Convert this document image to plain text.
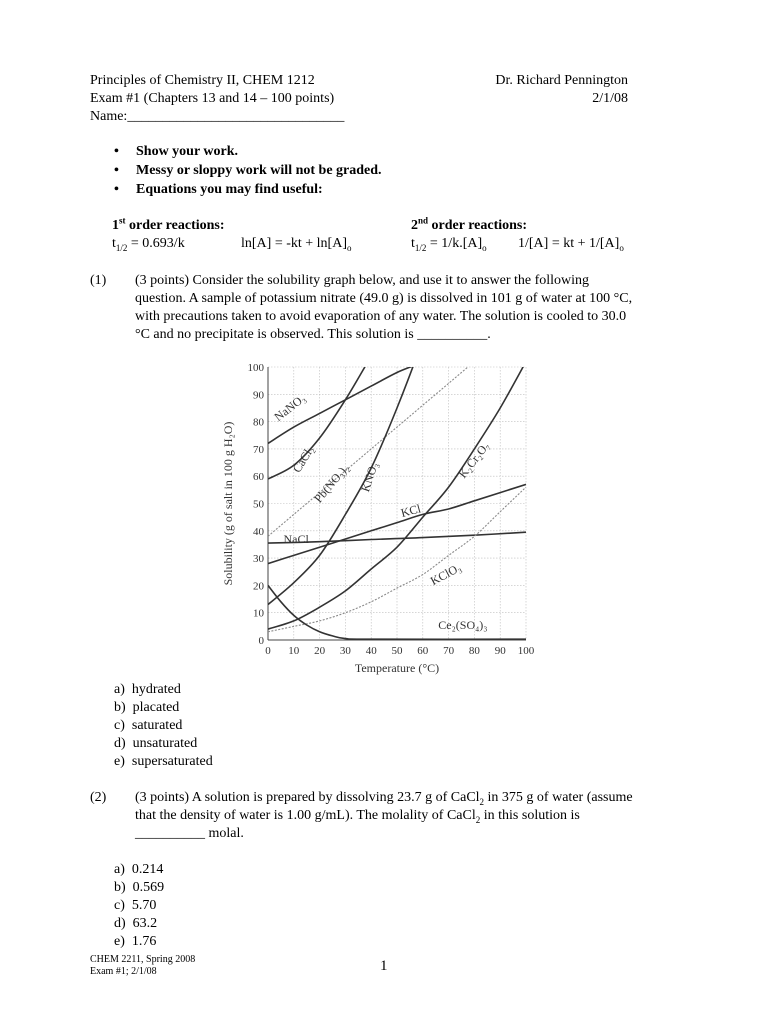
Principles of Chemistry II, CHEM 1212
Exam #1 (Chapters 13 and 14 – 100 points)
Name:_______________________________
Dr. Richard Pennington
2/1/08
• Show your work.
• Messy or sloppy work will not be graded.
• Equations you may find useful:
1st order reactions:
$t_{1/2} = 0.693/k$	$\ln[A] = -kt + \ln[A]_o$
2nd order reactions:
$t_{1/2} = 1/k.[A]_o$ 1/[A] = kt + $1/[A]_o$
(1) (3 points) Consider the solubility graph below, and use it to answer the following
question. A sample of potassium nitrate (49.0 g) is dissolved in 101 g of water at 100 °C,
with precautions taken to avoid evaporation of any water. The solution is cooled to 30.0
°C and no precipitate is observed. This solution is __________.
0
10
20
30
40
50
60
70
80
90
100
0 10 20 30 40 50 60 70 80 90 100
Temperature (°C)
Solubility (g of salt in 100 g H₂O)
NaNO₃
CaCl₂
Pb(NO₃)₂ KNO₃	K₂Cr₂O₇
KCl
NaCl
KClO₃
Ce₂(SO₄)₃
a)  hydrated
b)  placated
c)  saturated
d)  unsaturated
e)  supersaturated
(2) (3 points) A solution is prepared by dissolving 23.7 g of CaCl$_2$ in 375 g of water (assume
that the density of water is 1.00 g/mL). The molality of CaCl$_2$ in this solution is
__________ molal.
a)  0.214
b)  0.569
c)  5.70
d)  63.2
e)  1.76
CHEM 2211, Spring 2008
Exam #1; 2/1/08	1
